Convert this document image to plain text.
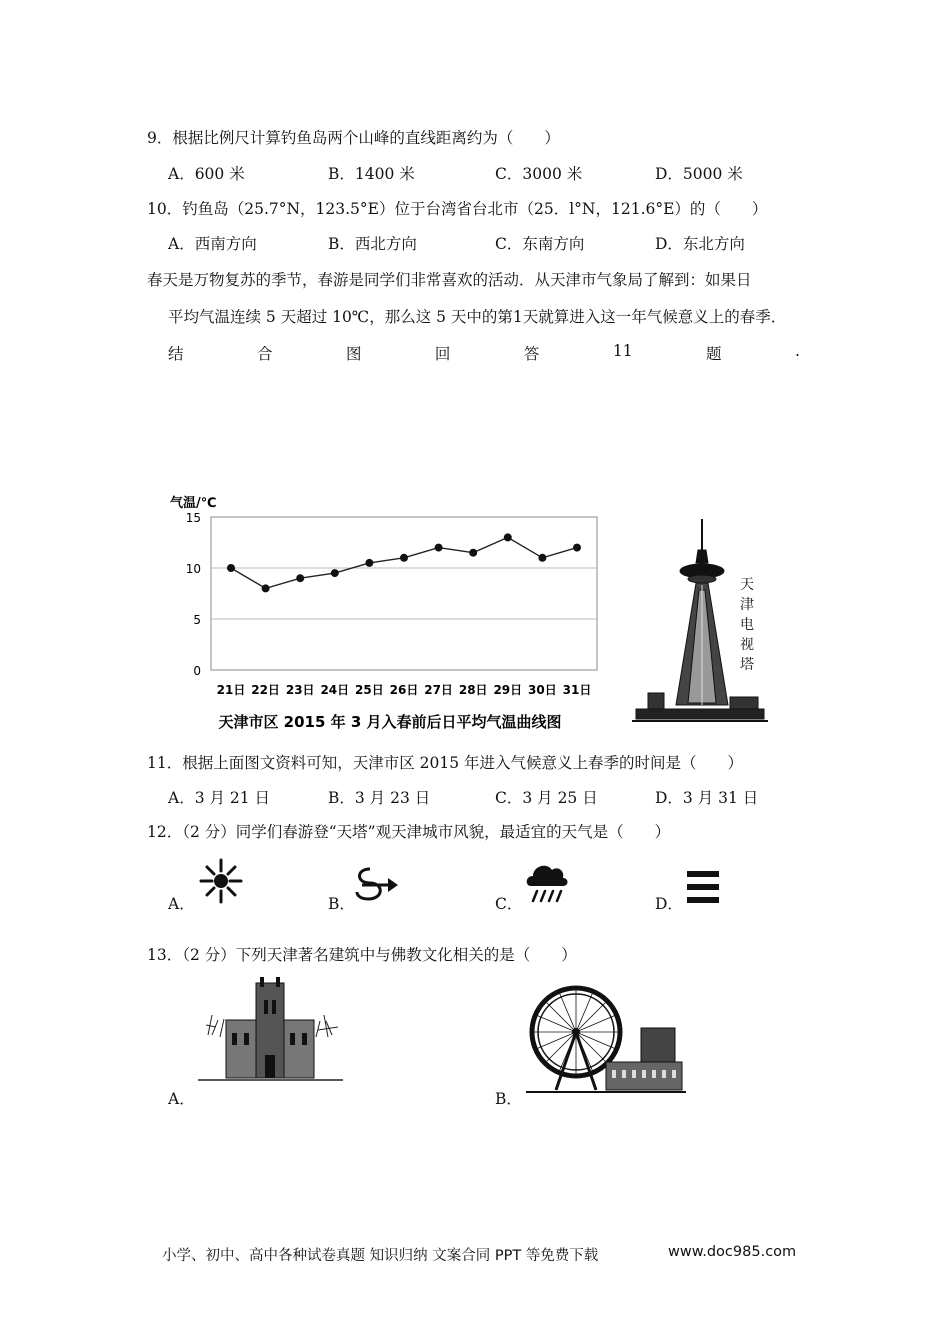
9．根据比例尺计算钓鱼岛两个山峰的直线距离约为（　　）
A．600 米	B．1400 米	C．3000 米	D．5000 米
10．钓鱼岛（25.7°N，123.5°E）位于台湾省台北市（25．l°N，121.6°E）的（　　）
A．西南方向	B．西北方向	C．东南方向	D．东北方向
春天是万物复苏的季节，春游是同学们非常喜欢的活动．从天津市气象局了解到：如果日
平均气温连续 5 天超过 10℃，那么这 5 天中的第1天就算进入这一年气候意义上的春季．
结	合	图	回	答	11	题	.
气温/℃
0
5
10
15
21日 22日 23日 24日 25日 26日 27日 28日 29日 30日 31日
天津市区 2015 年 3 月入春前后日平均气温曲线图
天
津
电
视
塔
11．根据上面图文资料可知，天津市区 2015 年进入气候意义上春季的时间是（　　）
A．3 月 21 日	B．3 月 23 日	C．3 月 25 日	D．3 月 31 日
12．（2 分）同学们春游登“天塔”观天津城市风貌，最适宜的天气是（　　）
A．	B．	C．	D．
13．（2 分）下列天津著名建筑中与佛教文化相关的是（　　）
A．	B．
小学、初中、高中各种试卷真题 知识归纳 文案合同 PPT 等免费下载	www.doc985.com
